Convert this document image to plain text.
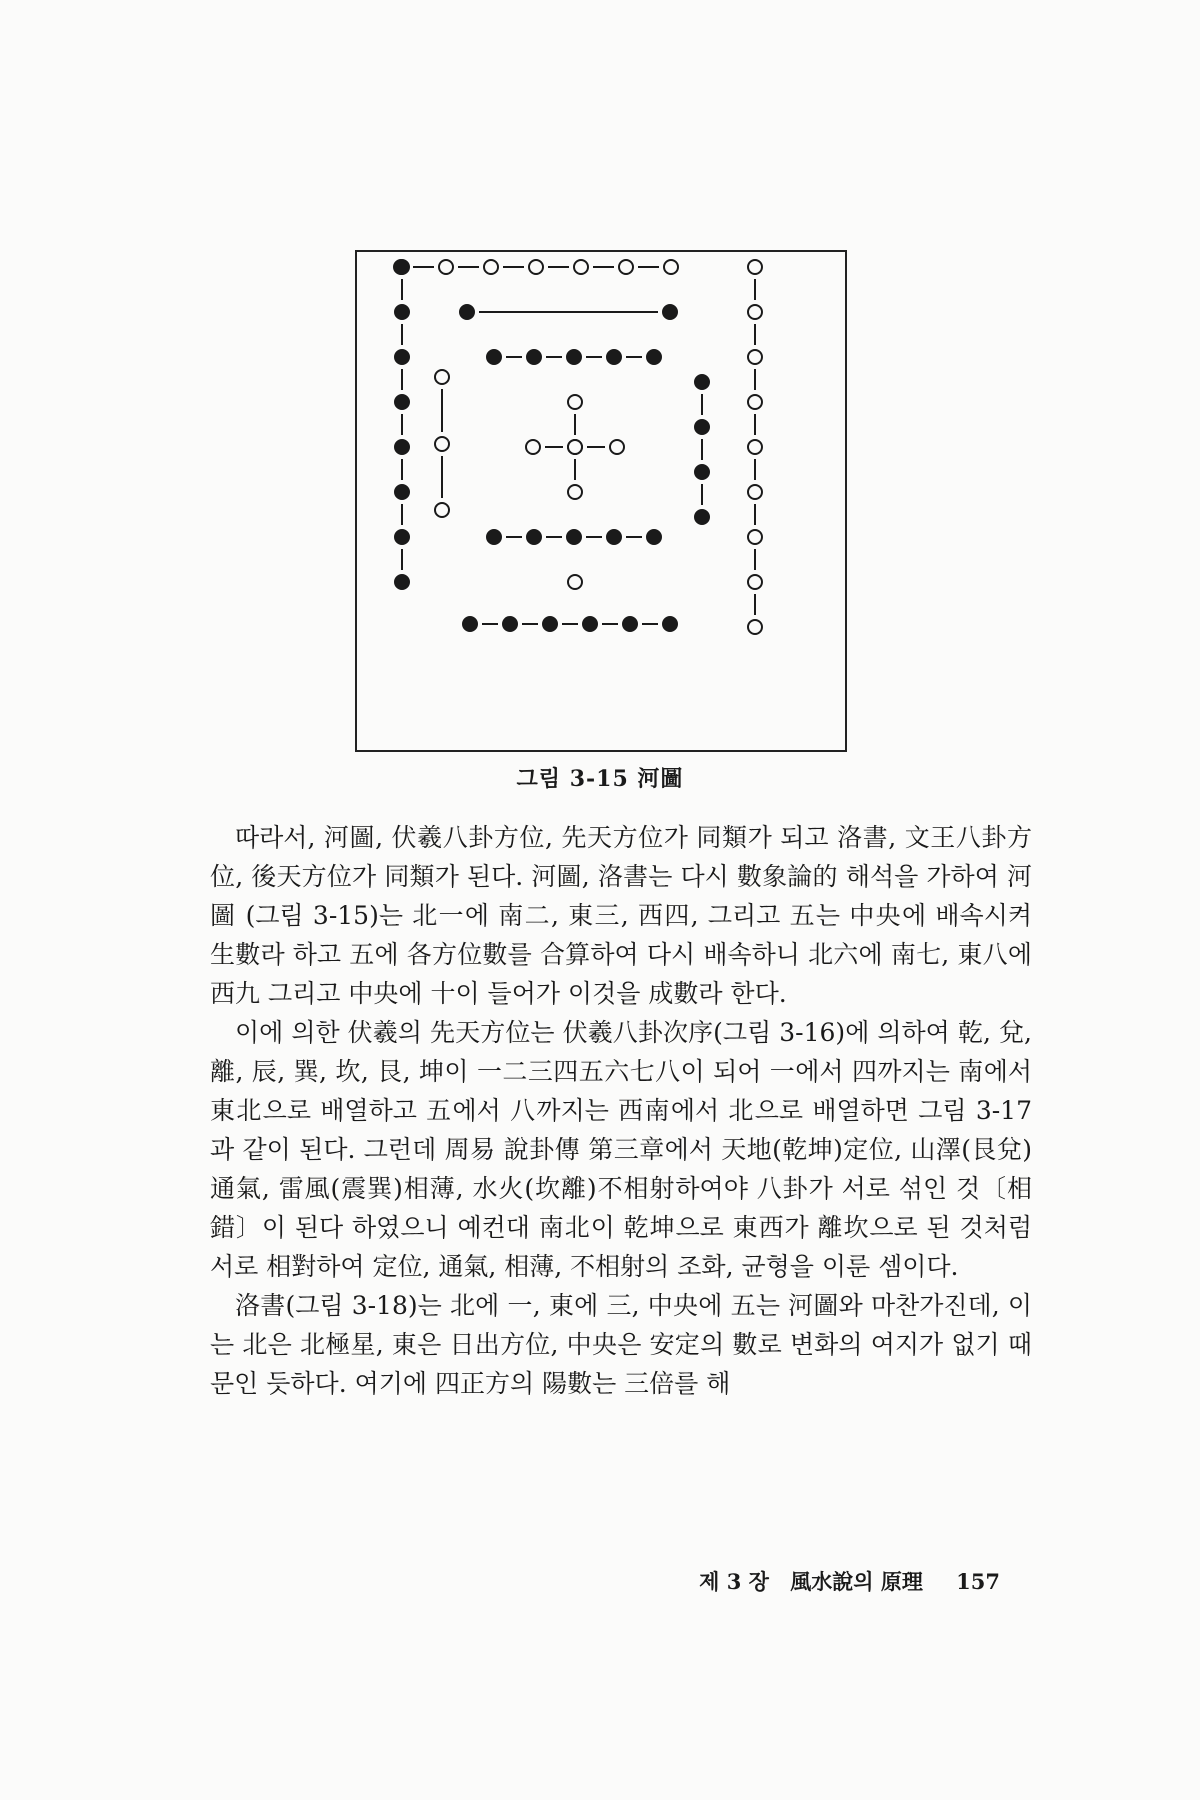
그림 3-15 河圖

따라서, 河圖, 伏羲八卦方位, 先天方位가 同類가 되고 洛書, 文王八卦方位, 後天方位가 同類가 된다. 河圖, 洛書는 다시 數象論的 해석을 가하여 河圖 (그림 3-15)는 北一에 南二, 東三, 西四, 그리고 五는 中央에 배속시켜 生數라 하고 五에 各方位數를 合算하여 다시 배속하니 北六에 南七, 東八에 西九 그리고 中央에 十이 들어가 이것을 成數라 한다.

이에 의한 伏羲의 先天方位는 伏羲八卦次序(그림 3-16)에 의하여 乾, 兌, 離, 辰, 巽, 坎, 艮, 坤이 一二三四五六七八이 되어 一에서 四까지는 南에서 東北으로 배열하고 五에서 八까지는 西南에서 北으로 배열하면 그림 3-17과 같이 된다. 그런데 周易 說卦傳 第三章에서 天地(乾坤)定位, 山澤(艮兌)通氣, 雷風(震巽)相薄, 水火(坎離)不相射하여야 八卦가 서로 섞인 것〔相錯〕이 된다 하였으니 예컨대 南北이 乾坤으로 東西가 離坎으로 된 것처럼 서로 相對하여 定位, 通氣, 相薄, 不相射의 조화, 균형을 이룬 셈이다.

洛書(그림 3-18)는 北에 一, 東에 三, 中央에 五는 河圖와 마찬가진데, 이는 北은 北極星, 東은 日出方位, 中央은 安定의 數로 변화의 여지가 없기 때문인 듯하다. 여기에 四正方의 陽數는 三倍를 해

제 3 장 風水說의 原理 157
